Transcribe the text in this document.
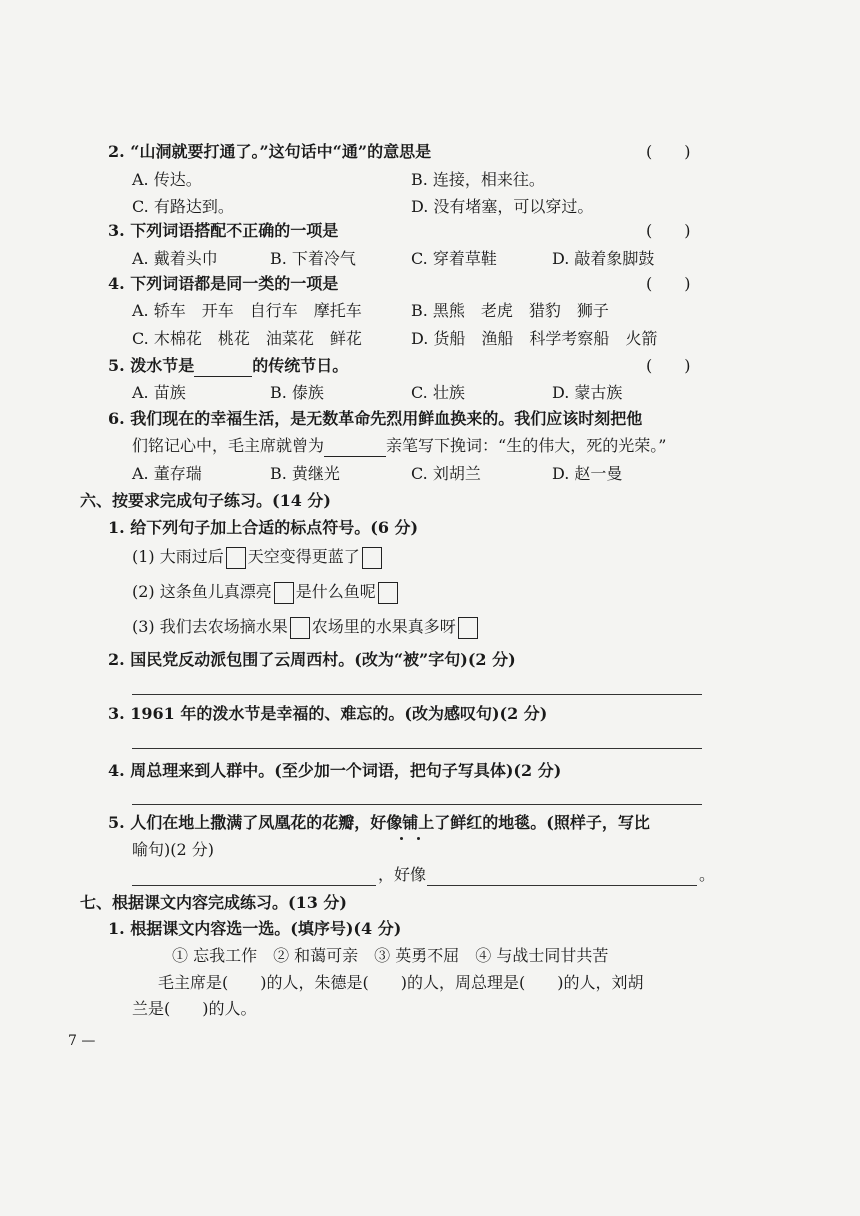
2. “山洞就要打通了。”这句话中“通”的意思是	(　　)
A. 传达。	B. 连接，相来往。
C. 有路达到。	D. 没有堵塞，可以穿过。
3. 下列词语搭配不正确的一项是	(　　)
A. 戴着头巾	B. 下着冷气	C. 穿着草鞋	D. 敲着象脚鼓
4. 下列词语都是同一类的一项是	(　　)
A. 轿车　开车　自行车　摩托车	B. 黑熊　老虎　猎豹　狮子
C. 木棉花　桃花　油菜花　鲜花	D. 货船　渔船　科学考察船　火箭
5. 泼水节是	的传统节日。	(　　)
A. 苗族	B. 傣族	C. 壮族	D. 蒙古族
6. 我们现在的幸福生活，是无数革命先烈用鲜血换来的。我们应该时刻把他
们铭记心中，毛主席就曾为	亲笔写下挽词：“生的伟大，死的光荣。”
A. 董存瑞	B. 黄继光	C. 刘胡兰	D. 赵一曼
六、按要求完成句子练习。(14 分)
1. 给下列句子加上合适的标点符号。(6 分)
(1) 大雨过后 天空变得更蓝了
(2) 这条鱼儿真漂亮 是什么鱼呢
(3) 我们去农场摘水果 农场里的水果真多呀
2. 国民党反动派包围了云周西村。(改为“被”字句)(2 分)
3. 1961 年的泼水节是幸福的、难忘的。(改为感叹句)(2 分)
4. 周总理来到人群中。(至少加一个词语，把句子写具体)(2 分)
5. 人们在地上撒满了凤凰花的花瓣，好像铺上了鲜红的地毯。(照样子，写比
喻句)(2 分)
，好像	。
七、根据课文内容完成练习。(13 分)
1. 根据课文内容选一选。(填序号)(4 分)
① 忘我工作　② 和蔼可亲　③ 英勇不屈　④ 与战士同甘共苦
毛主席是(　　)的人，朱德是(　　)的人，周总理是(　　)的人，刘胡
兰是(　　)的人。
7 —
